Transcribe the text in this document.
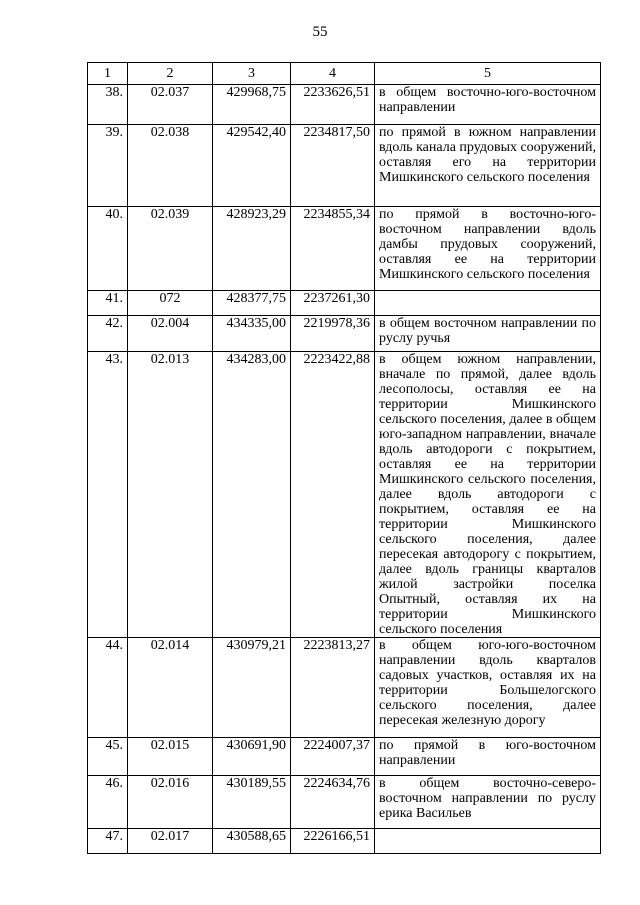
55
1	2	3	4	5
38.	02.037	429968,75	2233626,51	в общем восточно-юго-восточном направлении
39.	02.038	429542,40	2234817,50	по прямой в южном направлении вдоль канала прудовых сооружений, оставляя его на территории Мишкинского сельского поселения
40.	02.039	428923,29	2234855,34	по прямой в восточно-юго-восточном направлении вдоль дамбы прудовых сооружений, оставляя ее на территории Мишкинского сельского поселения
41.	072	428377,75	2237261,30	
42.	02.004	434335,00	2219978,36	в общем восточном направлении по руслу ручья
43.	02.013	434283,00	2223422,88	в общем южном направлении, вначале по прямой, далее вдоль лесополосы, оставляя ее на территории Мишкинского сельского поселения, далее в общем юго-западном направлении, вначале вдоль автодороги с покрытием, оставляя ее на территории Мишкинского сельского поселения, далее вдоль автодороги с покрытием, оставляя ее на территории Мишкинского сельского поселения, далее пересекая автодорогу с покрытием, далее вдоль границы кварталов жилой застройки поселка Опытный, оставляя их на территории Мишкинского сельского поселения
44.	02.014	430979,21	2223813,27	в общем юго-юго-восточном направлении вдоль кварталов садовых участков, оставляя их на территории Большелогского сельского поселения, далее пересекая железную дорогу
45.	02.015	430691,90	2224007,37	по прямой в юго-восточном направлении
46.	02.016	430189,55	2224634,76	в общем восточно-северо-восточном направлении по руслу ерика Васильев
47.	02.017	430588,65	2226166,51	
